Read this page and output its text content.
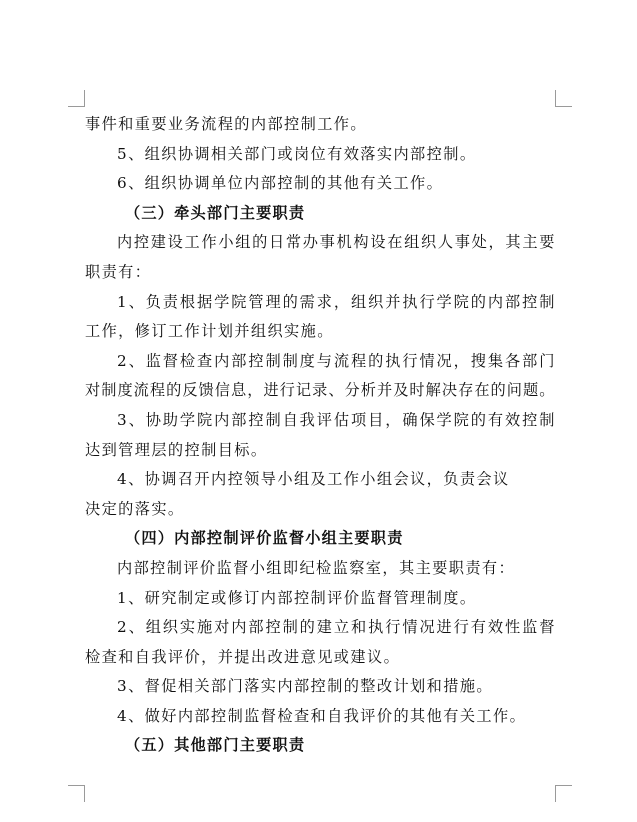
事件和重要业务流程的内部控制工作。
5、组织协调相关部门或岗位有效落实内部控制。
6、组织协调单位内部控制的其他有关工作。
（三）牵头部门主要职责
内控建设工作小组的日常办事机构设在组织人事处，其主要
职责有：
1、负责根据学院管理的需求，组织并执行学院的内部控制
工作，修订工作计划并组织实施。
2、监督检查内部控制制度与流程的执行情况，搜集各部门
对制度流程的反馈信息，进行记录、分析并及时解决存在的问题。
3、协助学院内部控制自我评估项目，确保学院的有效控制
达到管理层的控制目标。
4、协调召开内控领导小组及工作小组会议，负责会议
决定的落实。
（四）内部控制评价监督小组主要职责
内部控制评价监督小组即纪检监察室，其主要职责有：
1、研究制定或修订内部控制评价监督管理制度。
2、组织实施对内部控制的建立和执行情况进行有效性监督
检查和自我评价，并提出改进意见或建议。
3、督促相关部门落实内部控制的整改计划和措施。
4、做好内部控制监督检查和自我评价的其他有关工作。
（五）其他部门主要职责
